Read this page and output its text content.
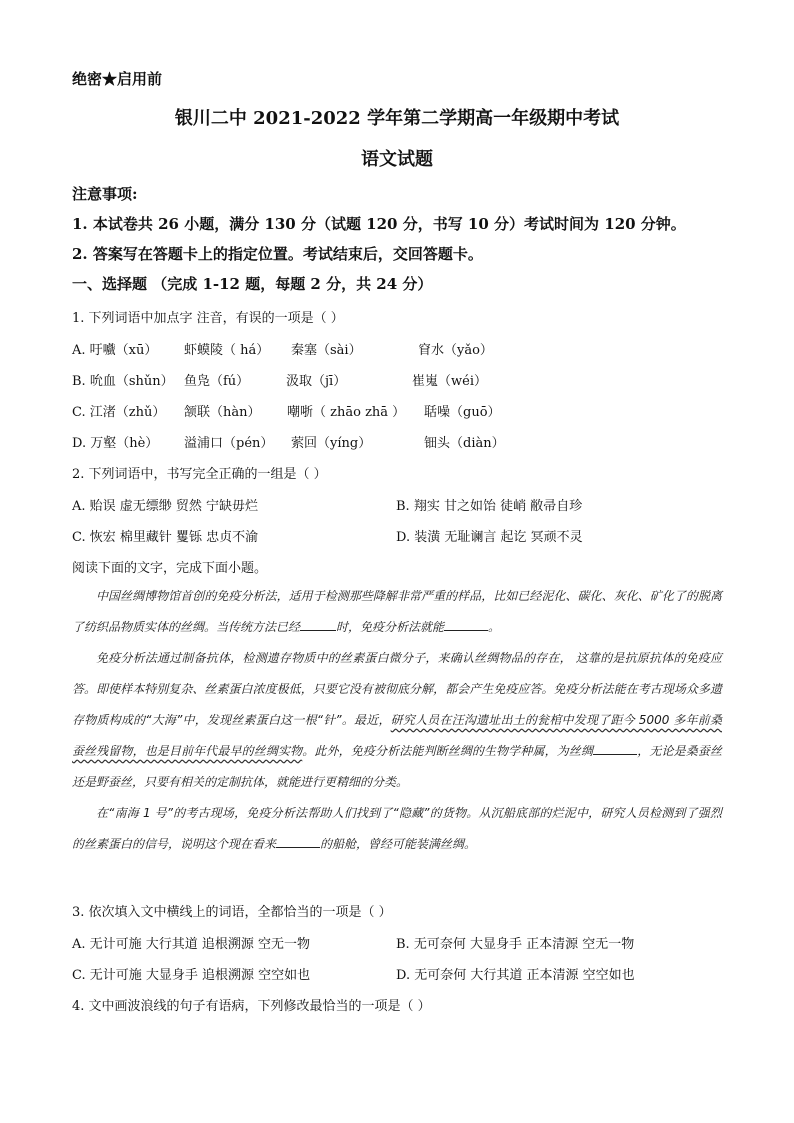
绝密★启用前
银川二中 2021-2022 学年第二学期高一年级期中考试
语文试题
注意事项:
1. 本试卷共 26 小题，满分 130 分（试题 120 分，书写 10 分）考试时间为 120 分钟。
2. 答案写在答题卡上的指定位置。考试结束后，交回答题卡。
一、选择题 （完成 1-12 题，每题 2 分，共 24 分）
1. 下列词语中加点字 注音，有误的一项是（ ）
A. 吁嚱（xū） 虾蟆陵（ há） 秦塞（sài）	窅水（yǎo）
B. 吮血（shǔn） 鱼凫（fú）	汲取（jī）	崔嵬（wéi）
C. 江渚（zhǔ） 颔联（hàn） 嘲哳（ zhāo zhā ） 聒噪（guō）
D. 万壑（hè） 溢浦口（pén） 萦回（yíng）	钿头（diàn）
2. 下列词语中，书写完全正确的一组是（ ）
A. 贻误 虚无缥缈 贸然 宁缺毋烂	B. 翔实 甘之如饴 徒峭 敝帚自珍
C. 恢宏 棉里藏针 矍铄 忠贞不渝	D. 装潢 无耻谰言 起讫 冥顽不灵
阅读下面的文字，完成下面小题。

中国丝绸博物馆首创的免疫分析法，适用于检测那些降解非常严重的样品，比如已经泥化、碳化、灰化、矿化了的脱离了纺织品物质实体的丝绸。当传统方法已经	时，免疫分析法就能	。

免疫分析法通过制备抗体，检测遗存物质中的丝素蛋白微分子，来确认丝绸物品的存在， 这靠的是抗原抗体的免疫应答。即使样本特别复杂、丝素蛋白浓度极低，只要它没有被彻底分解，都会产生免疫应答。免疫分析法能在考古现场众多遗存物质构成的“大海”中，发现丝素蛋白这一根“针”。最近，研究人员在汪沟遗址出土的瓮棺中发现了距今 5000 多年前桑蚕丝残留物，也是目前年代最早的丝绸实物。此外，免疫分析法能判断丝绸的生物学种属，为丝绸	，无论是桑蚕丝还是野蚕丝，只要有相关的定制抗体，就能进行更精细的分类。

在“南海 1 号”的考古现场，免疫分析法帮助人们找到了“隐藏”的货物。从沉船底部的烂泥中，研究人员检测到了强烈的丝素蛋白的信号，说明这个现在看来	的船舱，曾经可能装满丝绸。

3. 依次填入文中横线上的词语，全都恰当的一项是（ ）
A. 无计可施 大行其道 追根溯源 空无一物	B. 无可奈何 大显身手 正本清源 空无一物
C. 无计可施 大显身手 追根溯源 空空如也	D. 无可奈何 大行其道 正本清源 空空如也
4. 文中画波浪线的句子有语病，下列修改最恰当的一项是（ ）
